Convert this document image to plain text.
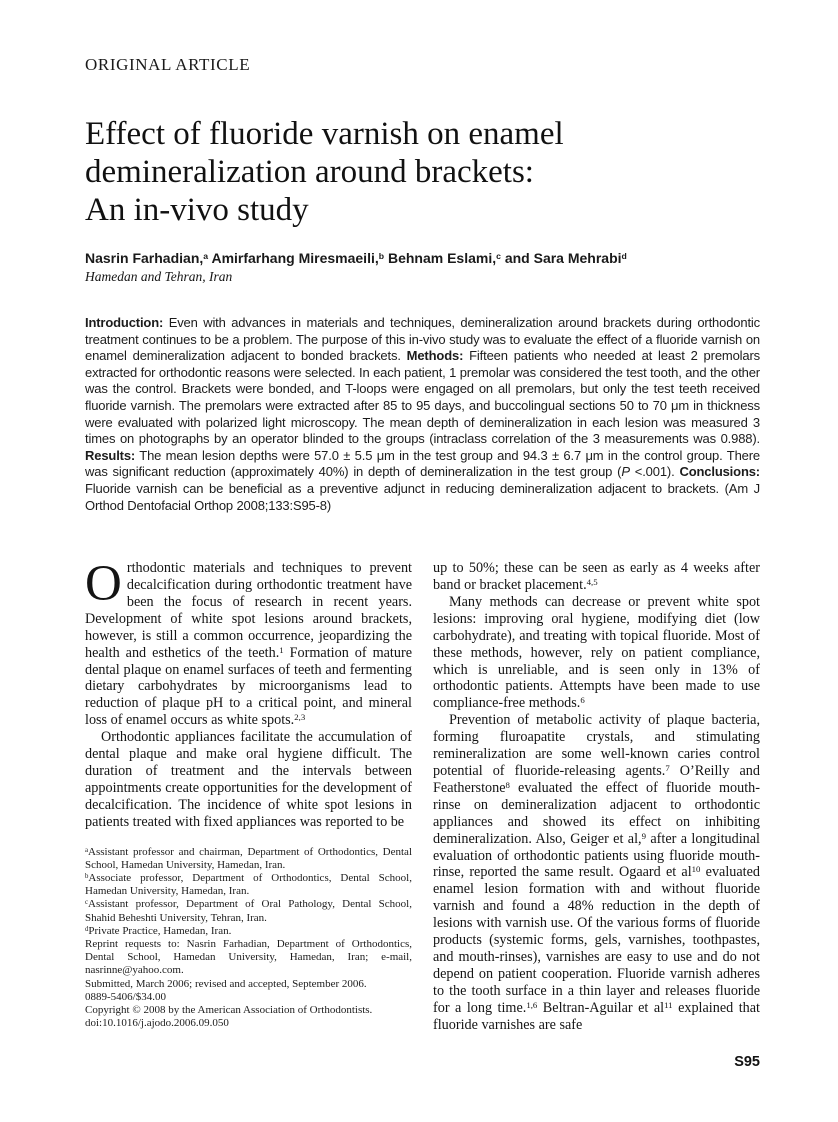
ORIGINAL ARTICLE
Effect of fluoride varnish on enamel
demineralization around brackets:
An in-vivo study
Nasrin Farhadian,$^a$ Amirfarhang Miresmaeili,$^b$ Behnam Eslami,$^c$ and Sara Mehrabi$^d$
Hamedan and Tehran, Iran
Introduction: Even with advances in materials and techniques, demineralization around brackets during orthodontic treatment continues to be a problem. The purpose of this in-vivo study was to evaluate the effect of a fluoride varnish on enamel demineralization adjacent to bonded brackets. Methods: Fifteen patients who needed at least 2 premolars extracted for orthodontic reasons were selected. In each patient, 1 premolar was considered the test tooth, and the other was the control. Brackets were bonded, and T-loops were engaged on all premolars, but only the test teeth received fluoride varnish. The premolars were extracted after 85 to 95 days, and buccolingual sections 50 to 70 μm in thickness were evaluated with polarized light microscopy. The mean depth of demineralization in each lesion was measured 3 times on photographs by an operator blinded to the groups (intraclass correlation of the 3 measurements was 0.988). Results: The mean lesion depths were 57.0 ± 5.5 μm in the test group and 94.3 ± 6.7 μm in the control group. There was significant reduction (approximately 40%) in depth of demineralization in the test group (P <.001). Conclusions: Fluoride varnish can be beneficial as a preventive adjunct in reducing demineralization adjacent to brackets. (Am J Orthod Dentofacial Orthop 2008;133:S95-8)

Orthodontic materials and techniques to prevent decalcification during orthodontic treatment have been the focus of research in recent years. Development of white spot lesions around brackets, however, is still a common occurrence, jeopardizing the health and esthetics of the teeth.$^1$ Formation of mature dental plaque on enamel surfaces of teeth and fermenting dietary carbohydrates by microorganisms lead to reduction of plaque pH to a critical point, and mineral loss of enamel occurs as white spots.$^{2,3}$

Orthodontic appliances facilitate the accumulation of dental plaque and make oral hygiene difficult. The duration of treatment and the intervals between appointments create opportunities for the development of decalcification. The incidence of white spot lesions in patients treated with fixed appliances was reported to be

$^a$Assistant professor and chairman, Department of Orthodontics, Dental School, Hamedan University, Hamedan, Iran.
$^b$Associate professor, Department of Orthodontics, Dental School, Hamedan University, Hamedan, Iran.
$^c$Assistant professor, Department of Oral Pathology, Dental School, Shahid Beheshti University, Tehran, Iran.
$^d$Private Practice, Hamedan, Iran.
Reprint requests to: Nasrin Farhadian, Department of Orthodontics, Dental School, Hamedan University, Hamedan, Iran; e-mail, nasrinne@yahoo.com.
Submitted, March 2006; revised and accepted, September 2006.
0889-5406/$34.00
Copyright © 2008 by the American Association of Orthodontists.
doi:10.1016/j.ajodo.2006.09.050

up to 50%; these can be seen as early as 4 weeks after band or bracket placement.$^{4,5}$

Many methods can decrease or prevent white spot lesions: improving oral hygiene, modifying diet (low carbohydrate), and treating with topical fluoride. Most of these methods, however, rely on patient compliance, which is unreliable, and is seen only in 13% of orthodontic patients. Attempts have been made to use compliance-free methods.$^6$

Prevention of metabolic activity of plaque bacteria, forming fluroapatite crystals, and stimulating remineralization are some well-known caries control potential of fluoride-releasing agents.$^7$ O’Reilly and Featherstone$^8$ evaluated the effect of fluoride mouth-rinse on demineralization adjacent to orthodontic appliances and showed its effect on inhibiting demineralization. Also, Geiger et al,$^9$ after a longitudinal evaluation of orthodontic patients using fluoride mouth-rinse, reported the same result. Ogaard et $al^{10}$ evaluated enamel lesion formation with and without fluoride varnish and found a 48% reduction in the depth of lesions with varnish use. Of the various forms of fluoride products (systemic forms, gels, varnishes, toothpastes, and mouth-rinses), varnishes are easy to use and do not depend on patient cooperation. Fluoride varnish adheres to the tooth surface in a thin layer and releases fluoride for a long time.$^{1,6}$ Beltran-Aguilar et $al^{11}$ explained that fluoride varnishes are safe

S95
